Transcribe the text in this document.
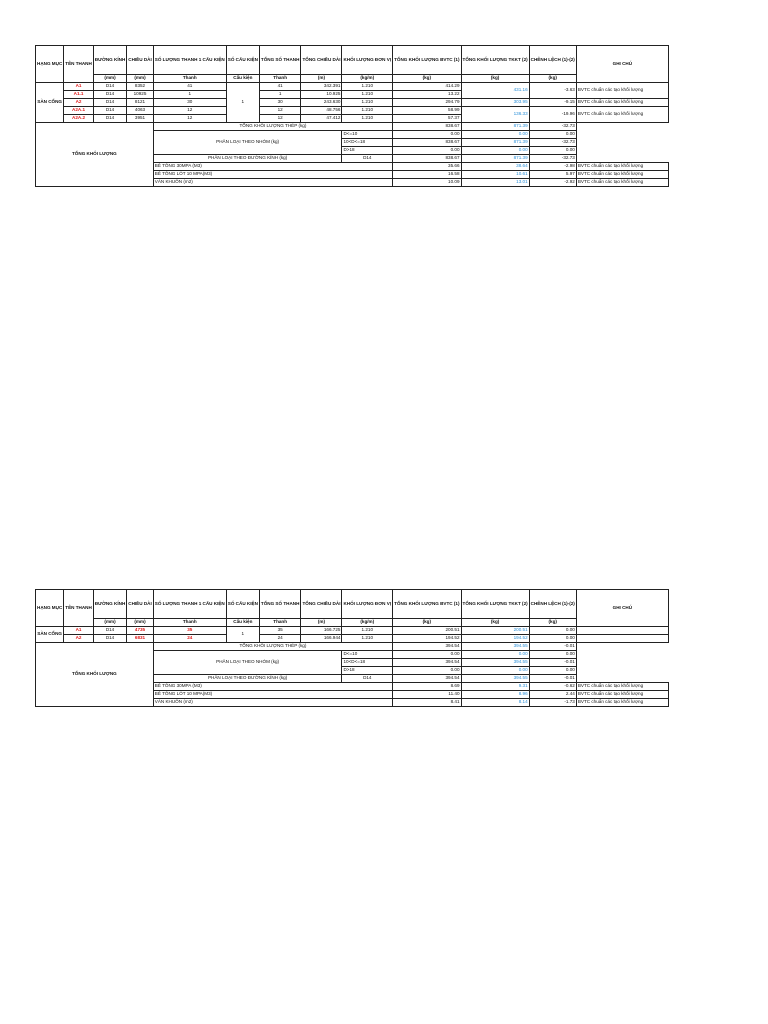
HẠNG MỤC	TÊN THANH	ĐƯỜNG KÍNH	CHIỀU DÀI	SỐ LƯỢNG THANH 1 CẤU KIỆN	SỐ CẤU KIỆN	TỔNG SỐ THANH	TỔNG CHIỀU DÀI	KHỐI LƯỢNG ĐƠN VỊ	TỔNG KHỐI LƯỢNG BVTC (1)	TỔNG KHỐI LƯỢNG TKKT (2)	CHÊNH LỆCH (1)-(2)	GHI CHÚ
		(mm)	(mm)	Thanh	Cấu kiện	Thanh	(m)	(kg/m)	(kg)	(kg)	(kg)	
SÀN CỔNG	A1	D14	8352	41	1	41	342.391	1.210	414.29	431.16	-3.63	BVTC chuẩn các tạo khối lượng
	A1.1	D14	10925	1		1	10.925	1.210	13.22			
	A2	D14	8121	30		30	243.630	1.210	294.79	303.95	-9.15	BVTC chuẩn các tạo khối lượng
	A2A.1	D14	4063	12		12	48.756	1.210	58.99	136.33	-19.96	BVTC chuẩn các tạo khối lượng
	A2A.2	D14	3951	12		12	47.412	1.210	57.37			
TỔNG KHỐI LƯỢNG				TỔNG KHỐI LƯỢNG THÉP (kg)					838.67	871.39	-32.73	
				PHÂN LOẠI THEO NHÓM (kg)				D<=10	0.00	0.00	0.00	
								10<D<=18	838.67	871.39	-32.73	
								D>18	0.00	0.00	0.00	
				PHÂN LOẠI THEO ĐƯỜNG KÍNH (kg)				D14	838.67	871.39	-32.73	
				BÊ TÔNG 30MPA (M3)					35.66	38.64	-2.98	BVTC chuẩn các tạo khối lượng
				BÊ TÔNG LÓT 10 MPA(M3)					16.58	10.61	5.97	BVTC chuẩn các tạo khối lượng
				VÁN KHUÔN (m2)					10.09	13.01	-2.92	BVTC chuẩn các tạo khối lượng
HẠNG MỤC	TÊN THANH	ĐƯỜNG KÍNH	CHIỀU DÀI	SỐ LƯỢNG THANH 1 CẤU KIỆN	SỐ CẤU KIỆN	TỔNG SỐ THANH	TỔNG CHIỀU DÀI	KHỐI LƯỢNG ĐƠN VỊ	TỔNG KHỐI LƯỢNG BVTC (1)	TỔNG KHỐI LƯỢNG TKKT (2)	CHÊNH LỆCH (1)-(2)	GHI CHÚ
		(mm)	(mm)	Thanh	Cấu kiện	Thanh	(m)	(kg/m)	(kg)	(kg)	(kg)	
SÀN CỔNG	A1	D14	4735	35	1	35	166.725	1.210	200.51	200.51	0.00	
	A2	D14	6831	24		24	166.944	1.210	194.52	194.52	0.00	
TỔNG KHỐI LƯỢNG				TỔNG KHỐI LƯỢNG THÉP (kg)					394.54	394.55	-0.01	
				PHÂN LOẠI THEO NHÓM (kg)				D<=10	0.00	0.00	0.00	
								10<D<=18	394.54	394.55	-0.01	
								D>18	0.00	0.00	0.00	
				PHÂN LOẠI THEO ĐƯỜNG KÍNH (kg)				D14	394.54	394.55	-0.01	
				BÊ TÔNG 30MPA (M3)					8.69	9.31	-0.62	BVTC chuẩn các tạo khối lượng
				BÊ TÔNG LÓT 10 MPA(M3)					11.40	8.96	2.44	BVTC chuẩn các tạo khối lượng
				VÁN KHUÔN (m2)					8.41	8.14	-1.73	BVTC chuẩn các tạo khối lượng
